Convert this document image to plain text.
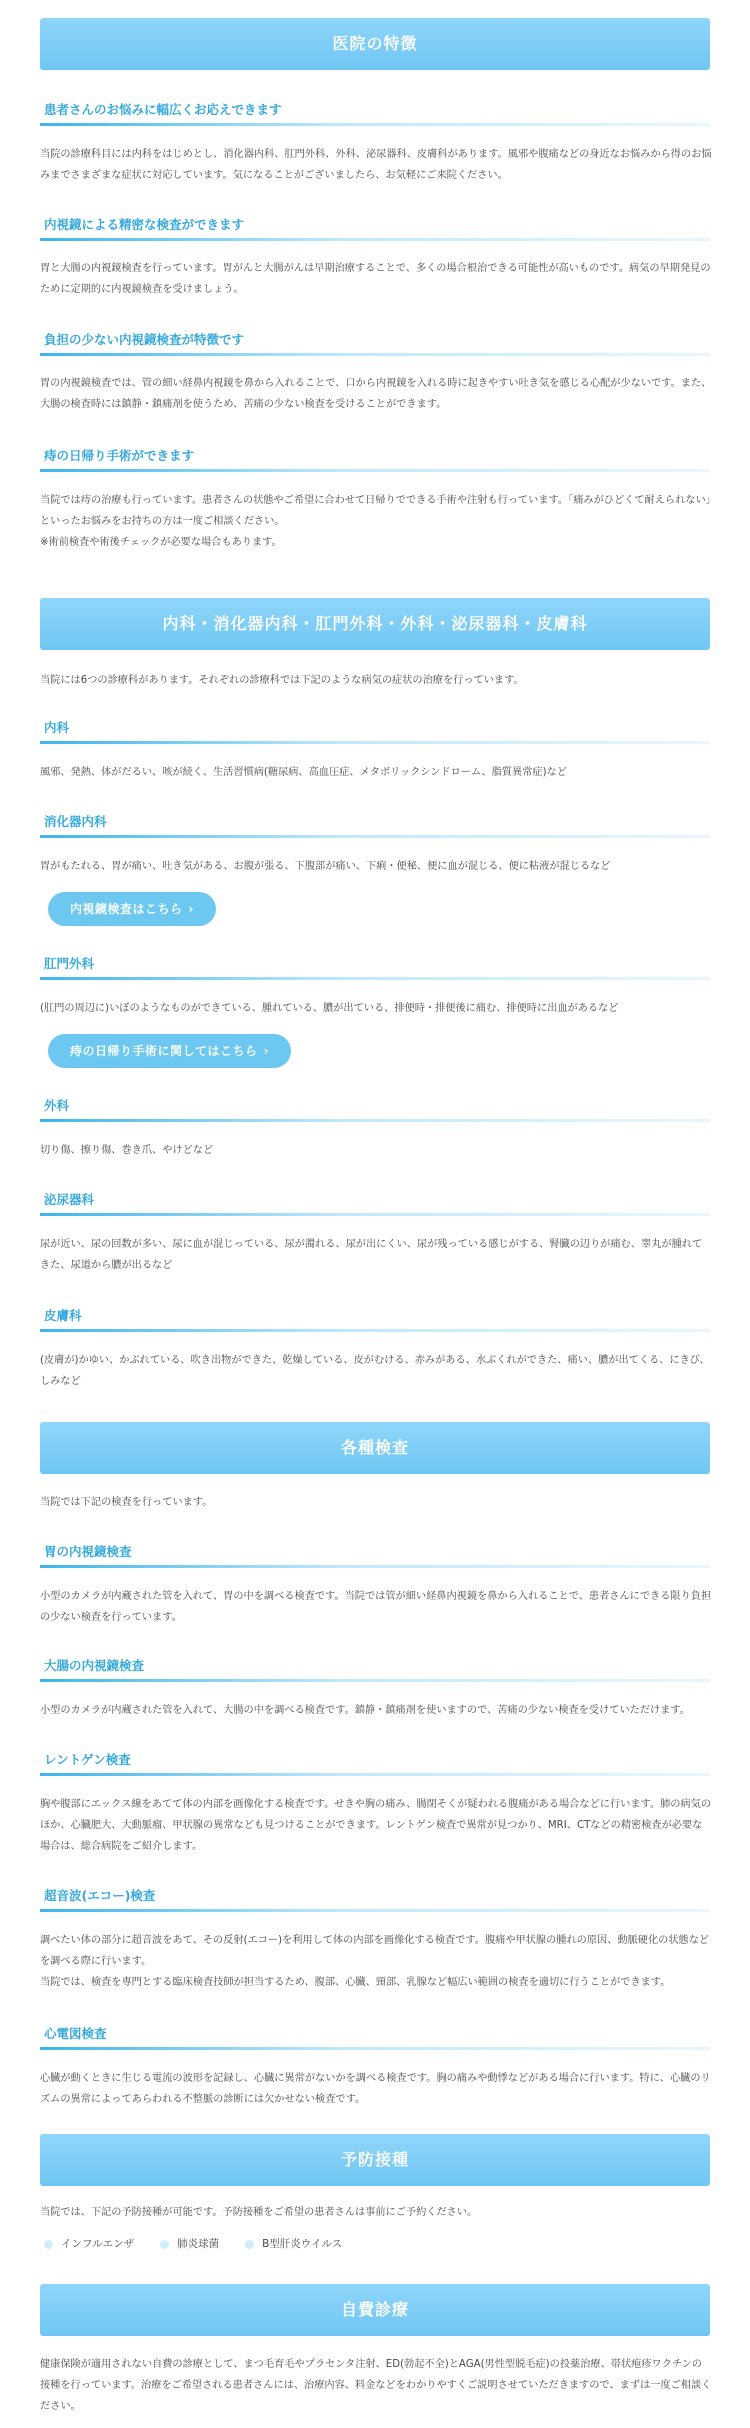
医院の特徴
患者さんのお悩みに幅広くお応えできます

当院の診療科目には内科をはじめとし、消化器内科、肛門外科、外科、泌尿器科、皮膚科があります。風邪や腹痛などの身近なお悩みから得のお悩みまでさまざまな症状に対応しています。気になることがございましたら、お気軽にご来院ください。

内視鏡による精密な検査ができます

胃と大腸の内視鏡検査を行っています。胃がんと大腸がんは早期治療することで、多くの場合根治できる可能性が高いものです。病気の早期発見のために定期的に内視鏡検査を受けましょう。

負担の少ない内視鏡検査が特徴です

胃の内視鏡検査では、管の細い経鼻内視鏡を鼻から入れることで、口から内視鏡を入れる時に起きやすい吐き気を感じる心配が少ないです。また、大腸の検査時には鎮静・鎮痛剤を使うため、苦痛の少ない検査を受けることができます。

痔の日帰り手術ができます

当院では痔の治療も行っています。患者さんの状態やご希望に合わせて日帰りでできる手術や注射も行っています。「痛みがひどくて耐えられない」といったお悩みをお持ちの方は一度ご相談ください。

※術前検査や術後チェックが必要な場合もあります。

内科・消化器内科・肛門外科・外科・泌尿器科・皮膚科
当院には6つの診療科があります。それぞれの診療科では下記のような病気の症状の治療を行っています。
内科
風邪、発熱、体がだるい、咳が続く、生活習慣病(糖尿病、高血圧症、メタボリックシンドローム、脂質異常症)など
消化器内科
胃がもたれる、胃が痛い、吐き気がある、お腹が張る、下腹部が痛い、下痢・便秘、便に血が混じる、便に粘液が混じるなど
内視鏡検査はこちら ›
肛門外科
(肛門の周辺に)いぼのようなものができている、腫れている、膿が出ている、排便時・排便後に痛む、排便時に出血があるなど
痔の日帰り手術に関してはこちら ›
外科
切り傷、擦り傷、巻き爪、やけどなど
泌尿器科
尿が近い、尿の回数が多い、尿に血が混じっている、尿が濁れる、尿が出にくい、尿が残っている感じがする、腎臓の辺りが痛む、睾丸が腫れてきた、尿道から膿が出るなど
皮膚科
(皮膚が)かゆい、かぶれている、吹き出物ができた、乾燥している、皮がむける、赤みがある、水ぶくれができた、痛い、膿が出てくる、にきび、しみなど
各種検査
当院では下記の検査を行っています。
胃の内視鏡検査
小型のカメラが内蔵された管を入れて、胃の中を調べる検査です。当院では管が細い経鼻内視鏡を鼻から入れることで、患者さんにできる限り負担の少ない検査を行っています。
大腸の内視鏡検査
小型のカメラが内蔵された管を入れて、大腸の中を調べる検査です。鎮静・鎮痛剤を使いますので、苦痛の少ない検査を受けていただけます。
レントゲン検査
胸や腹部にエックス線をあてて体の内部を画像化する検査です。せきや胸の痛み、腸閉そくが疑われる腹痛がある場合などに行います。肺の病気のほか、心臓肥大、大動脈瘤、甲状腺の異常なども見つけることができます。レントゲン検査で異常が見つかり、MRI、CTなどの精密検査が必要な場合は、総合病院をご紹介します。
超音波(エコー)検査

調べたい体の部分に超音波をあて、その反射(エコー)を利用して体の内部を画像化する検査です。腹痛や甲状腺の腫れの原因、動脈硬化の状態などを調べる際に行います。

当院では、検査を専門とする臨床検査技師が担当するため、腹部、心臓、頸部、乳腺など幅広い範囲の検査を適切に行うことができます。

心電図検査
心臓が動くときに生じる電流の波形を記録し、心臓に異常がないかを調べる検査です。胸の痛みや動悸などがある場合に行います。特に、心臓のリズムの異常によってあらわれる不整脈の診断には欠かせない検査です。
予防接種
当院では、下記の予防接種が可能です。予防接種をご希望の患者さんは事前にご予約ください。
インフルエンザ	肺炎球菌	B型肝炎ウイルス
自費診療
健康保険が適用されない自費の診療として、まつ毛育毛やプラセンタ注射、ED(勃起不全)とAGA(男性型脱毛症)の投薬治療、帯状疱疹ワクチンの接種を行っています。治療をご希望される患者さんには、治療内容、料金などをわかりやすくご説明させていただきますので、まずは一度ご相談ください。
